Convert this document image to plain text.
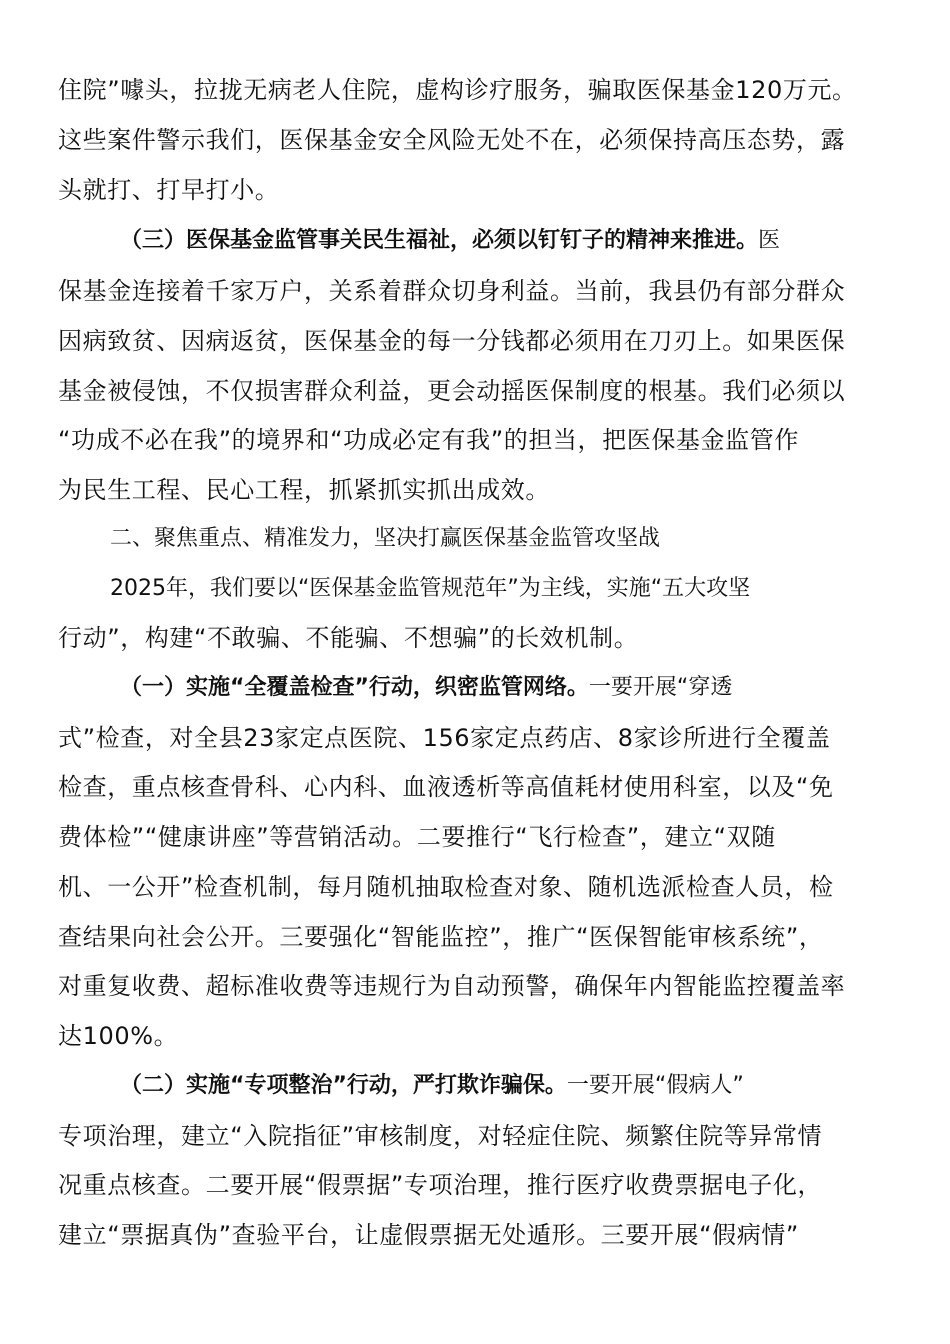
住院”噱头，拉拢无病老人住院，虚构诊疗服务，骗取医保基金120万元。
这些案件警示我们，医保基金安全风险无处不在，必须保持高压态势，露
头就打、打早打小。
（三）医保基金监管事关民生福祉，必须以钉钉子的精神来推进。医
保基金连接着千家万户，关系着群众切身利益。当前，我县仍有部分群众
因病致贫、因病返贫，医保基金的每一分钱都必须用在刀刃上。如果医保
基金被侵蚀，不仅损害群众利益，更会动摇医保制度的根基。我们必须以
“功成不必在我”的境界和“功成必定有我”的担当，把医保基金监管作
为民生工程、民心工程，抓紧抓实抓出成效。
二、聚焦重点、精准发力，坚决打赢医保基金监管攻坚战
2025年，我们要以“医保基金监管规范年”为主线，实施“五大攻坚
行动”，构建“不敢骗、不能骗、不想骗”的长效机制。
（一）实施“全覆盖检查”行动，织密监管网络。一要开展“穿透
式”检查，对全县23家定点医院、156家定点药店、8家诊所进行全覆盖
检查，重点核查骨科、心内科、血液透析等高值耗材使用科室，以及“免
费体检”“健康讲座”等营销活动。二要推行“飞行检查”，建立“双随
机、一公开”检查机制，每月随机抽取检查对象、随机选派检查人员，检
查结果向社会公开。三要强化“智能监控”，推广“医保智能审核系统”，
对重复收费、超标准收费等违规行为自动预警，确保年内智能监控覆盖率
达100%。
（二）实施“专项整治”行动，严打欺诈骗保。一要开展“假病人”
专项治理，建立“入院指征”审核制度，对轻症住院、频繁住院等异常情
况重点核查。二要开展“假票据”专项治理，推行医疗收费票据电子化，
建立“票据真伪”查验平台，让虚假票据无处遁形。三要开展“假病情”
